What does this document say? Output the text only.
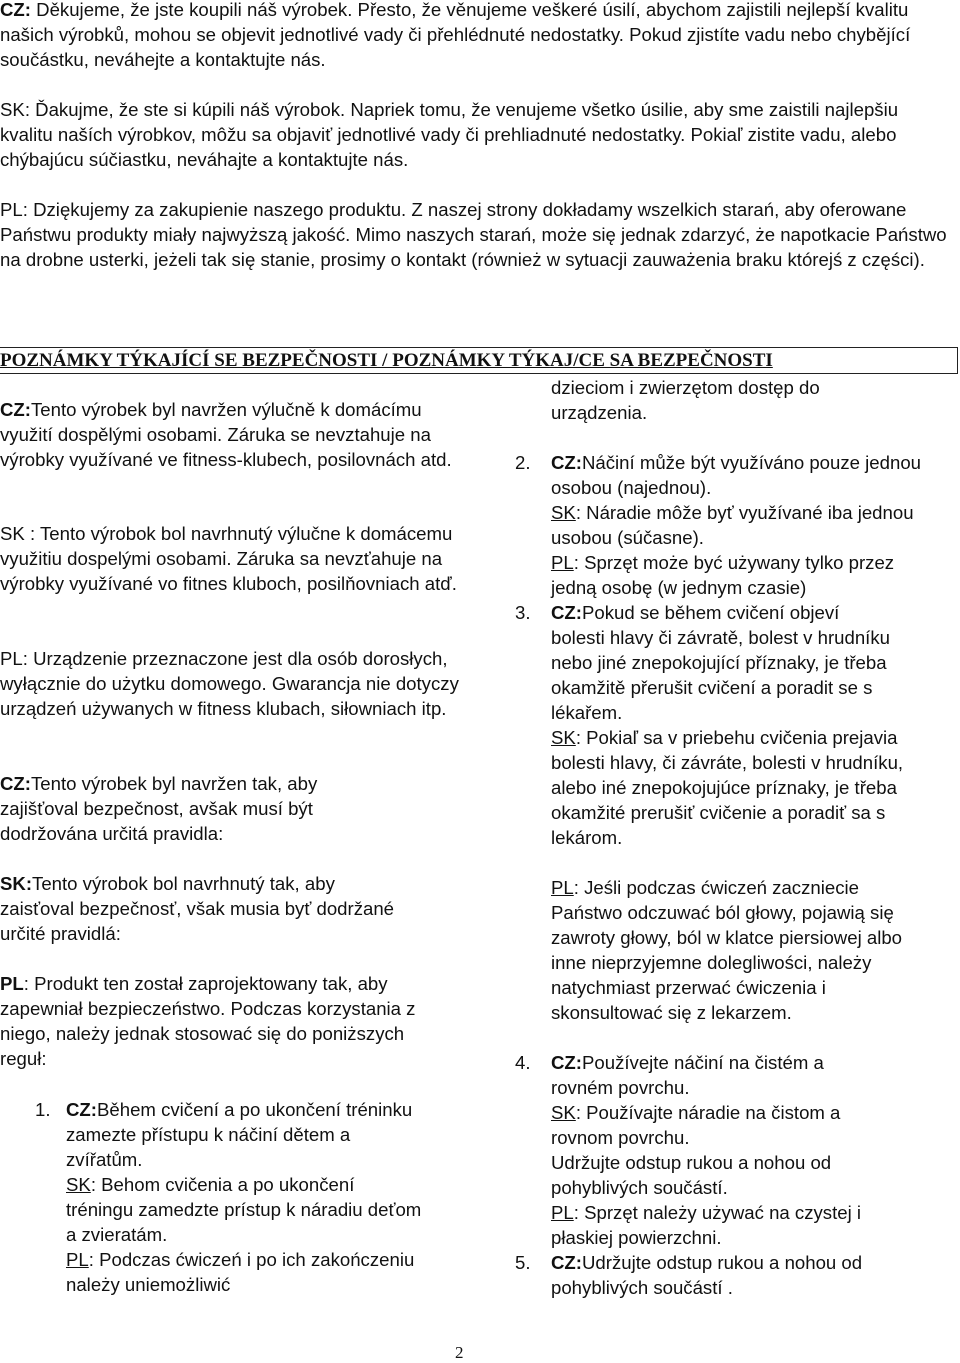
CZ: Děkujeme, že jste koupili náš výrobek. Přesto, že věnujeme veškeré úsilí, abychom zajistili nejlepší kvalitu našich výrobků, mohou se objevit jednotlivé vady či přehlédnuté nedostatky. Pokud zjistíte vadu nebo chybějící součástku, neváhejte a kontaktujte nás.

SK: Ďakujme, že ste si kúpili náš výrobok. Napriek tomu, že venujeme všetko úsilie, aby sme zaistili najlepšiu kvalitu naších výrobkov, môžu sa objaviť jednotlivé vady či prehliadnuté nedostatky. Pokiaľ zistite vadu, alebo chýbajúcu súčiastku, neváhajte a kontaktujte nás.

PL: Dziękujemy za zakupienie naszego produktu. Z naszej strony dokładamy wszelkich starań, aby oferowane Państwu produkty miały najwyższą jakość. Mimo naszych starań, może się jednak zdarzyć, że napotkacie Państwo na drobne usterki, jeżeli tak się stanie, prosimy o kontakt (również w sytuacji zauważenia braku którejś z części).

POZNÁMKY TÝKAJÍCÍ SE BEZPEČNOSTI / POZNÁMKY TÝKAJ/CE SA BEZPEČNOSTI

CZ:Tento výrobek byl navržen výlučně k domácímu využití dospělými osobami. Záruka se nevztahuje na výrobky využívané ve fitness-klubech, posilovnách atd.

SK : Tento výrobok bol navrhnutý výlučne k domácemu využitiu dospelými osobami. Záruka sa nevzťahuje na výrobky využívané vo fitnes kluboch, posilňovniach atď.

PL: Urządzenie przeznaczone jest dla osób dorosłych, wyłącznie do użytku domowego. Gwarancja nie dotyczy urządzeń używanych w fitness klubach, siłowniach itp.

CZ:Tento výrobek byl navržen tak, aby zajišťoval bezpečnost, avšak musí být dodržována určitá pravidla:

SK:Tento výrobok bol navrhnutý tak, aby zaisťoval bezpečnosť, však musia byť dodržané určité pravidlá:

PL: Produkt ten został zaprojektowany tak, aby zapewniał bezpieczeństwo. Podczas korzystania z niego, należy jednak stosować się do poniższych reguł:

1. CZ:Během cvičení a po ukončení tréninku zamezte přístupu k náčiní dětem a zvířatům.
SK: Behom cvičenia a po ukončení tréningu zamedzte prístup k náradiu deťom a zvieratám.
PL: Podczas ćwiczeń i po ich zakończeniu należy uniemożliwić
dzieciom i zwierzętom dostęp do urządzenia.
2.	CZ:Náčiní může být využíváno pouze jednou osobou (najednou).
SK: Náradie môže byť využívané iba jednou usobou (súčasne).
PL: Sprzęt może być używany tylko przez jedną osobę (w jednym czasie)
3.	CZ:Pokud se během cvičení objeví bolesti hlavy či závratě, bolest v hrudníku nebo jiné znepokojující příznaky, je třeba okamžitě přerušit cvičení a poradit se s lékařem.
SK: Pokiaľ sa v priebehu cvičenia prejavia bolesti hlavy, či závráte, bolesti v hrudníku, alebo iné znepokojujúce príznaky, je třeba okamžité prerušiť cvičenie a poradiť sa s lekárom.
PL: Jeśli podczas ćwiczeń zaczniecie Państwo odczuwać ból głowy, pojawią się zawroty głowy, ból w klatce piersiowej albo inne nieprzyjemne dolegliwości, należy natychmiast przerwać ćwiczenia i skonsultować się z lekarzem.
4.	CZ:Používejte náčiní na čistém a rovném povrchu.
SK: Používajte náradie na čistom a rovnom povrchu.
Udržujte odstup rukou a nohou od pohyblivých součástí.
PL: Sprzęt należy używać na czystej i płaskiej powierzchni.
5.	CZ:Udržujte odstup rukou a nohou od pohyblivých součástí .
2
